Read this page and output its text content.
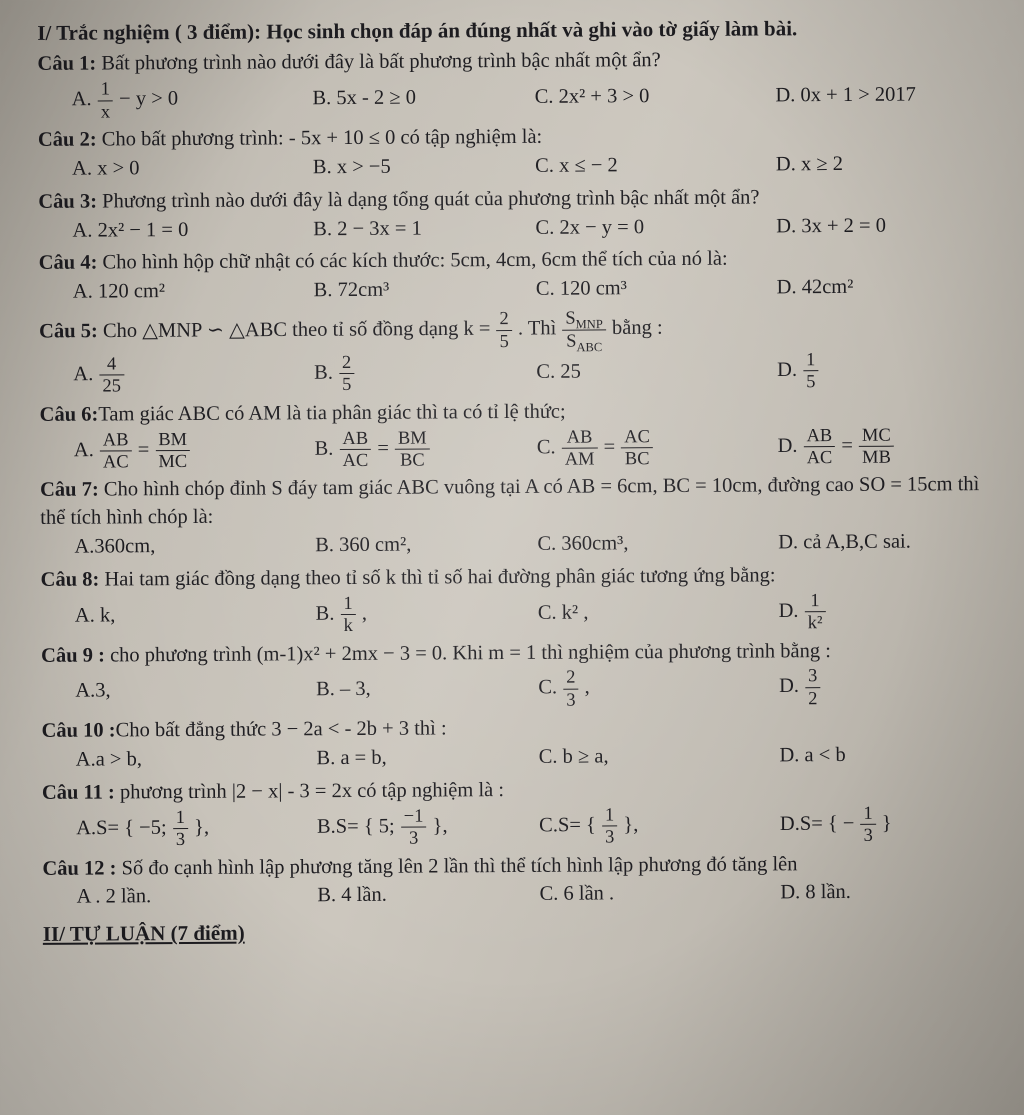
I/ Trắc nghiệm ( 3 điểm): Học sinh chọn đáp án đúng nhất và ghi vào tờ giấy làm bài.

Câu 1: Bất phương trình nào dưới đây là bất phương trình bậc nhất một ẩn?

A. $\frac{1}{x} - y > 0$	B. 5x - 2 ≥ 0	C. 2x² + 3 > 0	D. 0x + 1 > 2017

Câu 2: Cho bất phương trình: - 5x + 10 ≤ 0 có tập nghiệm là:

A. x > 0	B. x > −5	C. x ≤ − 2	D. x ≥ 2

Câu 3: Phương trình nào dưới đây là dạng tổng quát của phương trình bậc nhất một ẩn?

A. 2x² − 1 = 0	B. 2 − 3x = 1	C. 2x − y = 0	D. 3x + 2 = 0

Câu 4: Cho hình hộp chữ nhật có các kích thước: 5cm, 4cm, 6cm thể tích của nó là:

A. 120 cm²	B. 72cm³	C. 120 cm³	D. 42cm²

Câu 5: Cho △MNP ∽ △ABC theo tỉ số đồng dạng $k = \frac{2}{5}$ . Thì $\frac{S_{MNP}}{S_{ABC}}$ bằng :

A. $\frac{4}{25}$	B. $\frac{2}{5}$	C. 25	D. $\frac{1}{5}$

Câu 6:Tam giác ABC có AM là tia phân giác thì ta có tỉ lệ thức;

A. $\frac{AB}{AC} = \frac{BM}{MC}$	B. $\frac{AB}{AC} = \frac{BM}{BC}$	C. $\frac{AB}{AM} = \frac{AC}{BC}$	D. $\frac{AB}{AC} = \frac{MC}{MB}$

Câu 7: Cho hình chóp đỉnh S đáy tam giác ABC vuông tại A có AB = 6cm, BC = 10cm, đường cao SO = 15cm thì thể tích hình chóp là:

A.360cm,	B. 360 cm²,	C. 360cm³,	D. cả A,B,C sai.

Câu 8: Hai tam giác đồng dạng theo tỉ số k thì tỉ số hai đường phân giác tương ứng bằng:

A. k,	B. $\frac{1}{k}$ ,	C. k² ,	D. $\frac{1}{\text{k²}}$

Câu 9 : cho phương trình (m-1)x² + 2mx − 3 = 0. Khi m = 1 thì nghiệm của phương trình bằng :

A.3,	B. – 3,	C. $\frac{2}{3}$ ,	D. $\frac{3}{2}$

Câu 10 :Cho bất đẳng thức 3 − 2a < - 2b + 3 thì :

A.a > b,	B. a = b,	C. b ≥ a,	D. a < b

Câu 11 : phương trình |2 − x| - 3 = 2x có tập nghiệm là :

A.S= { −5; $\frac{1}{3}$ },	B.S= { 5; $\frac{-1}{3}$ },	C.S= { $\frac{1}{3}$ },	D.S= { − $\frac{1}{3}$ }

Câu 12 : Số đo cạnh hình lập phương tăng lên 2 lần thì thể tích hình lập phương đó tăng lên

A . 2 lần.	B. 4 lần.	C. 6 lần .	D. 8 lần.

II/ TỰ LUẬN (7 điểm)
